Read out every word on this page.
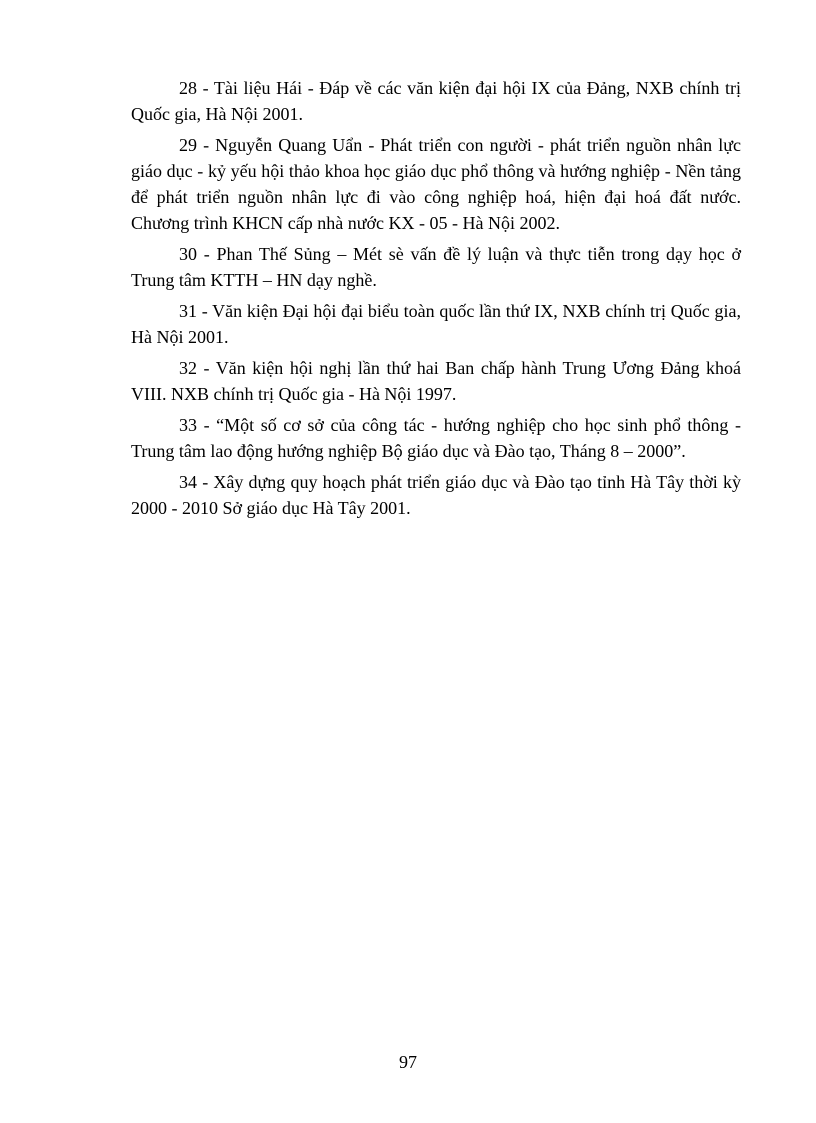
28 - Tài liệu Hái - Đáp về các văn kiện đại hội IX của Đảng, NXB chính trị Quốc gia, Hà Nội 2001.
29 - Nguyễn Quang Uẩn - Phát triển con người - phát triển nguồn nhân lực giáo dục - kỷ yếu hội thảo khoa học giáo dục phổ thông và hướng nghiệp - Nền tảng để phát triển nguồn nhân lực đi vào công nghiệp hoá, hiện đại hoá đất nước. Chương trình KHCN cấp nhà nước KX - 05 - Hà Nội 2002.
30 - Phan Thế Sủng – Mét sè vấn đề lý luận và thực tiễn trong dạy học ở Trung tâm KTTH – HN dạy nghề.
31 - Văn kiện Đại hội đại biểu toàn quốc lần thứ IX, NXB chính trị Quốc gia, Hà Nội 2001.
32 - Văn kiện hội nghị lần thứ hai Ban chấp hành Trung Ương Đảng khoá VIII. NXB chính trị Quốc gia - Hà Nội 1997.
33 - “Một số cơ sở của công tác - hướng nghiệp cho học sinh phổ thông - Trung tâm lao động hướng nghiệp Bộ giáo dục và Đào tạo, Tháng 8 – 2000”.
34 - Xây dựng quy hoạch phát triển giáo dục và Đào tạo tỉnh Hà Tây thời kỳ 2000 - 2010 Sở giáo dục Hà Tây 2001.
97
